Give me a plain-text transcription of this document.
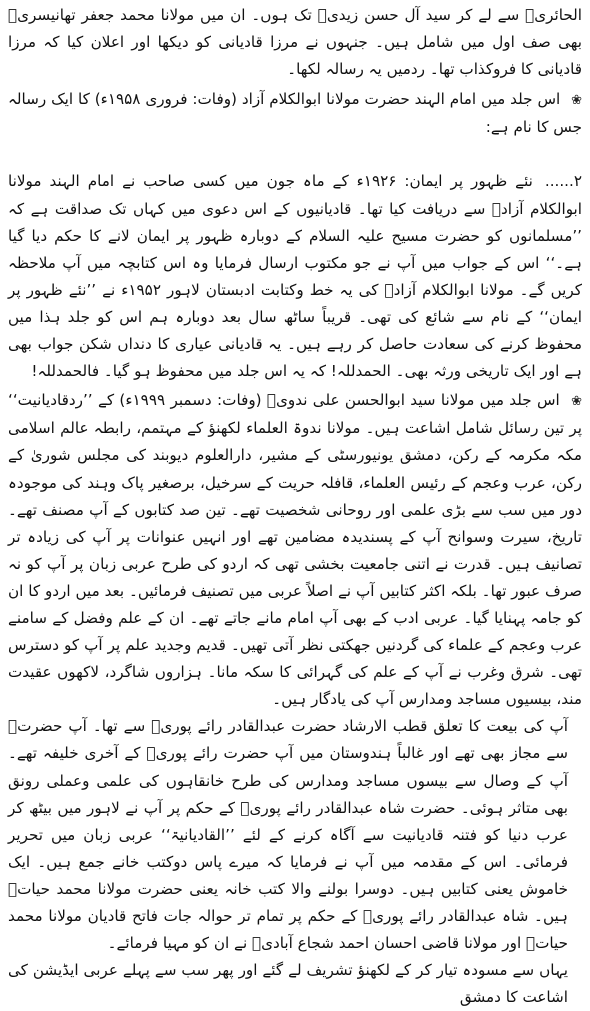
الحائریؒ سے لے کر سید آل حسن زیدیؒ تک ہوں۔ ان میں مولانا محمد جعفر تھانیسریؒ بھی صف اول میں شامل ہیں۔ جنہوں نے مرزا قادیانی کو دیکھا اور اعلان کیا کہ مرزا قادیانی کا فروکذاب تھا۔ ردمیں یہ رسالہ لکھا۔

❀ اس جلد میں امام الہند حضرت مولانا ابوالکلام آزاد (وفات: فروری ۱۹۵۸ء) کا ایک رسالہ جس کا نام ہے:

۲...... نئے ظہور پر ایمان: ۱۹۲۶ء کے ماہ جون میں کسی صاحب نے امام الہند مولانا ابوالکلام آزادؒ سے دریافت کیا تھا۔ قادیانیوں کے اس دعوی میں کہاں تک صداقت ہے کہ ’’مسلمانوں کو حضرت مسیح علیہ السلام کے دوبارہ ظہور پر ایمان لانے کا حکم دیا گیا ہے۔‘‘ اس کے جواب میں آپ نے جو مکتوب ارسال فرمایا وہ اس کتابچہ میں آپ ملاحظہ کریں گے۔ مولانا ابوالکلام آزادؒ کی یہ خط وکتابت ادبستان لاہور ۱۹۵۲ء نے ’’نئے ظہور پر ایمان‘‘ کے نام سے شائع کی تھی۔ قریباً ساٹھ سال بعد دوبارہ ہم اس کو جلد ہذا میں محفوظ کرنے کی سعادت حاصل کر رہے ہیں۔ یہ قادیانی عیاری کا دنداں شکن جواب بھی ہے اور ایک تاریخی ورثہ بھی۔ الحمدللہ! کہ یہ اس جلد میں محفوظ ہو گیا۔ فالحمدللہ!

❀ اس جلد میں مولانا سید ابوالحسن علی ندویؒ (وفات: دسمبر ۱۹۹۹ء) کے ’’ردقادیانیت‘‘ پر تین رسائل شامل اشاعت ہیں۔ مولانا ندوۃ العلماء لکھنؤ کے مہتمم، رابطہ عالم اسلامی مکہ مکرمہ کے رکن، دمشق یونیورسٹی کے مشیر، دارالعلوم دیوبند کی مجلس شوریٰ کے رکن، عرب وعجم کے رئیس العلماء، قافلہ حریت کے سرخیل، برصغیر پاک وہند کی موجودہ دور میں سب سے بڑی علمی اور روحانی شخصیت تھے۔ تین صد کتابوں کے آپ مصنف تھے۔ تاریخ، سیرت وسوانح آپ کے پسندیدہ مضامین تھے اور انہیں عنوانات پر آپ کی زیادہ تر تصانیف ہیں۔ قدرت نے اتنی جامعیت بخشی تھی کہ اردو کی طرح عربی زبان پر آپ کو نہ صرف عبور تھا۔ بلکہ اکثر کتابیں آپ نے اصلاً عربی میں تصنیف فرمائیں۔ بعد میں اردو کا ان کو جامہ پہنایا گیا۔ عربی ادب کے بھی آپ امام مانے جاتے تھے۔ ان کے علم وفضل کے سامنے عرب وعجم کے علماء کی گردنیں جھکتی نظر آتی تھیں۔ قدیم وجدید علم پر آپ کو دسترس تھی۔ شرق وغرب نے آپ کے علم کی گہرائی کا سکہ مانا۔ ہزاروں شاگرد، لاکھوں عقیدت مند، بیسیوں مساجد ومدارس آپ کی یادگار ہیں۔

آپ کی بیعت کا تعلق قطب الارشاد حضرت عبدالقادر رائے پوریؒ سے تھا۔ آپ حضرتؒ سے مجاز بھی تھے اور غالباً ہندوستان میں آپ حضرت رائے پوریؒ کے آخری خلیفہ تھے۔ آپ کے وصال سے بیسوں مساجد ومدارس کی طرح خانقاہوں کی علمی وعملی رونق بھی متاثر ہوئی۔ حضرت شاہ عبدالقادر رائے پوریؒ کے حکم پر آپ نے لاہور میں بیٹھ کر عرب دنیا کو فتنہ قادیانیت سے آگاہ کرنے کے لئے ’’القادیانیۃ‘‘ عربی زبان میں تحریر فرمائی۔ اس کے مقدمہ میں آپ نے فرمایا کہ میرے پاس دوکتب خانے جمع ہیں۔ ایک خاموش یعنی کتابیں ہیں۔ دوسرا بولنے والا کتب خانہ یعنی حضرت مولانا محمد حیاتؒ ہیں۔ شاہ عبدالقادر رائے پوریؒ کے حکم پر تمام تر حوالہ جات فاتح قادیان مولانا محمد حیاتؒ اور مولانا قاضی احسان احمد شجاع آبادیؒ نے ان کو مہیا فرمائے۔

یہاں سے مسودہ تیار کر کے لکھنؤ تشریف لے گئے اور پھر سب سے پہلے عربی ایڈیشن کی اشاعت کا دمشق
